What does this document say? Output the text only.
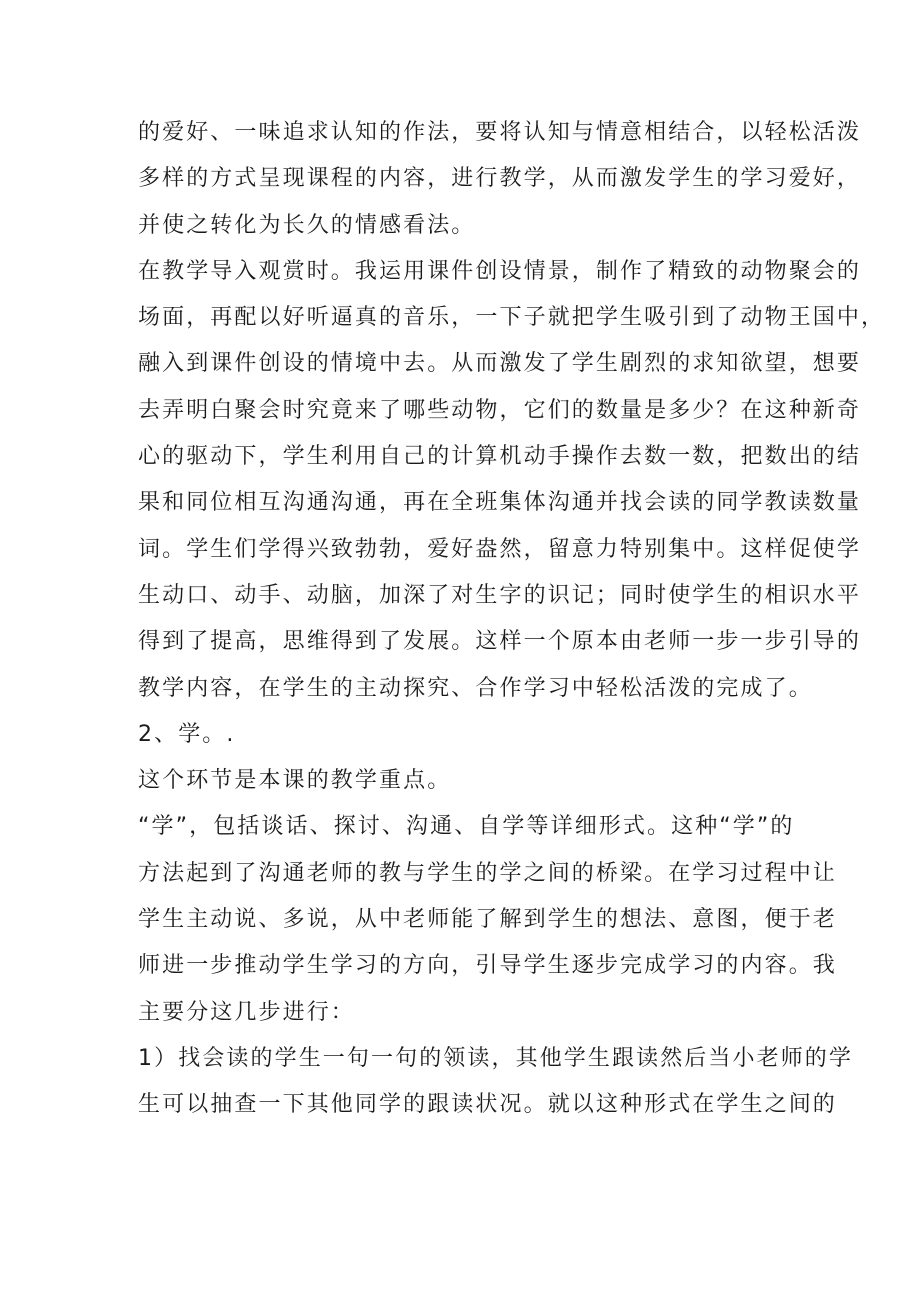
的爱好、一味追求认知的作法，要将认知与情意相结合，以轻松活泼
多样的方式呈现课程的内容，进行教学，从而激发学生的学习爱好，
并使之转化为长久的情感看法。
在教学导入观赏时。我运用课件创设情景，制作了精致的动物聚会的
场面，再配以好听逼真的音乐，一下子就把学生吸引到了动物王国中，
融入到课件创设的情境中去。从而激发了学生剧烈的求知欲望，想要
去弄明白聚会时究竟来了哪些动物，它们的数量是多少？在这种新奇
心的驱动下，学生利用自己的计算机动手操作去数一数，把数出的结
果和同位相互沟通沟通，再在全班集体沟通并找会读的同学教读数量
词。学生们学得兴致勃勃，爱好盎然，留意力特别集中。这样促使学
生动口、动手、动脑，加深了对生字的识记；同时使学生的相识水平
得到了提高，思维得到了发展。这样一个原本由老师一步一步引导的
教学内容，在学生的主动探究、合作学习中轻松活泼的完成了。
2、学。.
这个环节是本课的教学重点。
“学”，包括谈话、探讨、沟通、自学等详细形式。这种“学”的
方法起到了沟通老师的教与学生的学之间的桥梁。在学习过程中让
学生主动说、多说，从中老师能了解到学生的想法、意图，便于老
师进一步推动学生学习的方向，引导学生逐步完成学习的内容。我
主要分这几步进行：
1）找会读的学生一句一句的领读，其他学生跟读然后当小老师的学
生可以抽查一下其他同学的跟读状况。就以这种形式在学生之间的
